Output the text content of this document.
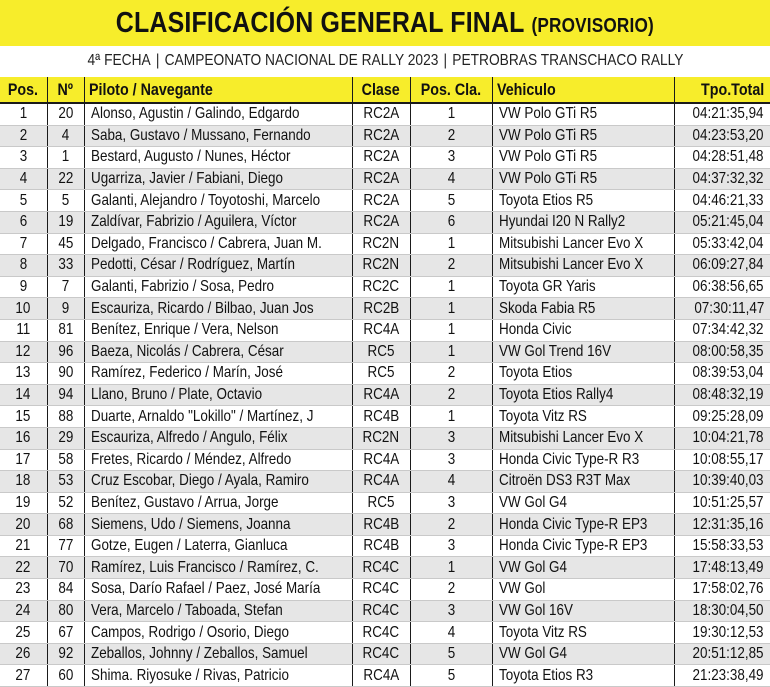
CLASIFICACIÓN GENERAL FINAL (PROVISORIO)
4ª FECHA | CAMPEONATO NACIONAL DE RALLY 2023 | PETROBRAS TRANSCHACO RALLY
Pos.	Nº	Piloto / Navegante	Clase	Pos. Cla.	Vehiculo	Tpo.Total
1	20	Alonso, Agustin / Galindo, Edgardo	RC2A	1	VW Polo GTi R5	04:21:35,94
2	4	Saba, Gustavo / Mussano, Fernando	RC2A	2	VW Polo GTi R5	04:23:53,20
3	1	Bestard, Augusto / Nunes, Héctor	RC2A	3	VW Polo GTi R5	04:28:51,48
4	22	Ugarriza, Javier / Fabiani, Diego	RC2A	4	VW Polo GTi R5	04:37:32,32
5	5	Galanti, Alejandro / Toyotoshi, Marcelo	RC2A	5	Toyota Etios R5	04:46:21,33
6	19	Zaldívar, Fabrizio / Aguilera, Víctor	RC2A	6	Hyundai I20 N Rally2	05:21:45,04
7	45	Delgado, Francisco / Cabrera, Juan M.	RC2N	1	Mitsubishi Lancer Evo X	05:33:42,04
8	33	Pedotti, César / Rodríguez, Martín	RC2N	2	Mitsubishi Lancer Evo X	06:09:27,84
9	7	Galanti, Fabrizio / Sosa, Pedro	RC2C	1	Toyota GR Yaris	06:38:56,65
10	9	Escauriza, Ricardo / Bilbao, Juan Jos	RC2B	1	Skoda Fabia R5	07:30:11,47
11	81	Benítez, Enrique / Vera, Nelson	RC4A	1	Honda Civic	07:34:42,32
12	96	Baeza, Nicolás / Cabrera, César	RC5	1	VW Gol Trend 16V	08:00:58,35
13	90	Ramírez, Federico / Marín, José	RC5	2	Toyota Etios	08:39:53,04
14	94	Llano, Bruno / Plate, Octavio	RC4A	2	Toyota Etios Rally4	08:48:32,19
15	88	Duarte, Arnaldo "Lokillo" / Martínez, J	RC4B	1	Toyota Vitz RS	09:25:28,09
16	29	Escauriza, Alfredo / Angulo, Félix	RC2N	3	Mitsubishi Lancer Evo X	10:04:21,78
17	58	Fretes, Ricardo / Méndez, Alfredo	RC4A	3	Honda Civic Type-R R3	10:08:55,17
18	53	Cruz Escobar, Diego / Ayala, Ramiro	RC4A	4	Citroën DS3 R3T Max	10:39:40,03
19	52	Benítez, Gustavo / Arrua, Jorge	RC5	3	VW Gol G4	10:51:25,57
20	68	Siemens, Udo / Siemens, Joanna	RC4B	2	Honda Civic Type-R EP3	12:31:35,16
21	77	Gotze, Eugen / Laterra, Gianluca	RC4B	3	Honda Civic Type-R EP3	15:58:33,53
22	70	Ramírez, Luis Francisco / Ramírez, C.	RC4C	1	VW Gol G4	17:48:13,49
23	84	Sosa, Darío Rafael / Paez, José María	RC4C	2	VW Gol	17:58:02,76
24	80	Vera, Marcelo / Taboada, Stefan	RC4C	3	VW Gol 16V	18:30:04,50
25	67	Campos, Rodrigo / Osorio, Diego	RC4C	4	Toyota Vitz RS	19:30:12,53
26	92	Zeballos, Johnny / Zeballos, Samuel	RC4C	5	VW Gol G4	20:51:12,85
27	60	Shima. Riyosuke / Rivas, Patricio	RC4A	5	Toyota Etios R3	21:23:38,49
